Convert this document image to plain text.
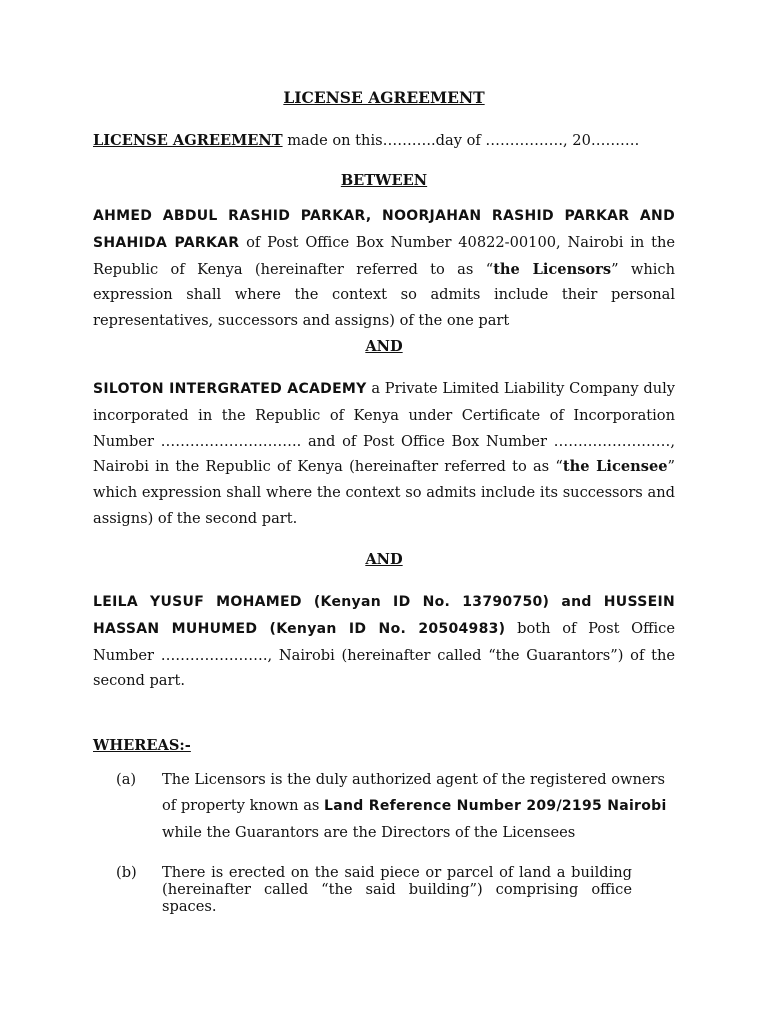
LICENSE AGREEMENT
LICENSE AGREEMENT made on this………..day of ……………., 20……….
BETWEEN
AHMED ABDUL RASHID PARKAR, NOORJAHAN RASHID PARKAR AND SHAHIDA PARKAR of Post Office Box Number 40822-00100, Nairobi in the Republic of Kenya (hereinafter referred to as “the Licensors” which expression shall where the context so admits include their personal representatives, successors and assigns) of the one part
AND
SILOTON INTERGRATED ACADEMY a Private Limited Liability Company duly incorporated in the Republic of Kenya under Certificate of Incorporation Number ……………………….. and of Post Office Box Number ……………………, Nairobi in the Republic of Kenya (hereinafter referred to as “the Licensee” which expression shall where the context so admits include its successors and assigns) of the second part.
AND
LEILA YUSUF MOHAMED (Kenyan ID No. 13790750) and HUSSEIN HASSAN MUHUMED (Kenyan ID No. 20504983) both of Post Office Number …………………., Nairobi (hereinafter called “the Guarantors”) of the second part.
WHEREAS:-
(a) The Licensors is the duly authorized agent of the registered owners of property known as Land Reference Number 209/2195 Nairobi while the Guarantors are the Directors of the Licensees
(b) There is erected on the said piece or parcel of land a building (hereinafter called “the said building”) comprising office spaces.
